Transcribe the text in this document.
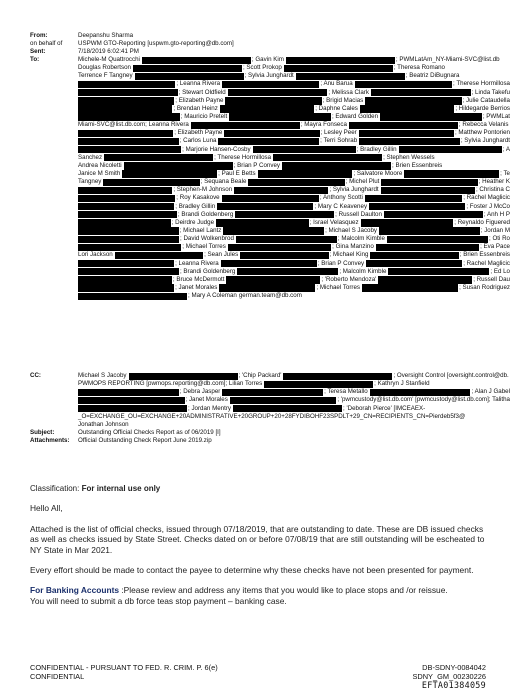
From:	Deepanshu Sharma
on behalf of	USPWM GTO-Reporting [uspwm.gto-reporting@db.com]
Sent:	7/18/2019 6:02:41 PM
To:	Michele-M Quattrocchi	; Gavin Kim	; PWMLatAm_NY-Miami-SVC@list.db
Douglas Robertson	; Scott Prokop	; Theresa Romano
Terrence F Tangney	; Sylvia Junghardt	; Beatriz DiBugnara
; Leanna Rivera	; Anu Barua	; Therese Hormillosa
; Stewart Oldfield	; Melissa Clark	; Linda Takefu
; Elizabeth Payne	; Brigid Macias	; Julie Cataudella
; Brendan Heinz	; Daphne Cales	; Hildegarde Berrios
; Mauricio Pretelt	; Edward Golden	; PWMLat
Miami-SVC@list.db.com; Leanna Rivera	; Mayra Fonseca	; Rebecca Velanis
; Elizabeth Payne	; Lesley Peer	; Matthew Pontorien
; Carlos Luna	; Terri Sohrab	; Sylvia Junghardt
; Marjorie Hansen-Cosby	; Bradley Gillin	; A
Sanchez	; Therese Hormillosa	; Stephen Wessels
Andrea Nicoletti	; Brian P Convey	; Brien Essenbreis
Janice M Smith	; Paul E Betts	; Salvatore Moore	; Te
Tangney	; Sequana Beale	; Michel Plut	; Heather K
; Stephen-M Johnson	; Sylvia Junghardt	; Christina C
; Roy Kasakove	; Anthony Scotti	; Rachel Maglicic
; Bradley Gillin	; Mary C Keaveney	; Foster J McCo
; Brandi Goldenberg	; Russell Daulton	; Anh H P
; Deirdre Judge	; Israel Velasquez	; Reynaldo Figuered
; Michael Lantz	; Michael S Jacoby	; Jordan M
; David Wolkenbrod	; Malcolm Kimble	; Oti Ro
; Michael Torres	; Gina Manzino	; Eva Pace
Lori Jackson	; Sean Jules	; Michael King	; Brien Essenbreis
; Leanna Rivera	; Brian P Convey	; Rachel Maglicic
; Brandi Goldenberg	; Malcolm Kimble	; Ed Lo
; Bruce McDermott	; 'Roberto Mendoza'	; Russell Dau
; Janet Morales	; Michael Torres	; Susan Rodriguez
; Mary A Coleman german.team@db.com
CC:	Michael S Jacoby	; 'Chip Packard'	; Oversight Control [oversight.control@db.
PWMOPS REPORTING [pwmops.reporting@db.com]; Lilian Torres	; Kathryn J Stanfield
; Debra Jasper	; Teresa Metallo	; Alan J Gabel
; Janet Morales	; 'pwmcustody@list.db.com' [pwmcustody@list.db.com]; Talitha
; Jordan Mentry	; 'Deborah Pierce' [IMCEAEX-
_O=EXCHANGE_OU=EXCHANGE+20ADMINISTRATIVE+20GROUP+20+28FYDIBOHF23SPDLT+29_CN=RECIPIENTS_CN=Pierdeb5f3@
Jonathan Johnson
Subject:	Outstanding Official Checks Report as of 06/2019 [I]
Attachments:	Official Outstanding Check Report June 2019.zip

Classification: For internal use only

Hello All,

Attached is the list of official checks, issued through 07/18/2019, that are outstanding to date. These are DB issued checks as well as checks issued by State Street. Checks dated on or before 07/08/19 that are still outstanding will be escheated to NY State in Mar 2021.

Every effort should be made to contact the payee to determine why these checks have not been presented for payment.

For Banking Accounts :Please review and address any items that you would like to place stops and /or reissue.

You will need to submit a db force teas stop payment – banking case.

CONFIDENTIAL - PURSUANT TO FED. R. CRIM. P. 6(e)
CONFIDENTIAL
DB-SDNY-0084042
SDNY_GM_00230226
EFTA01384059
